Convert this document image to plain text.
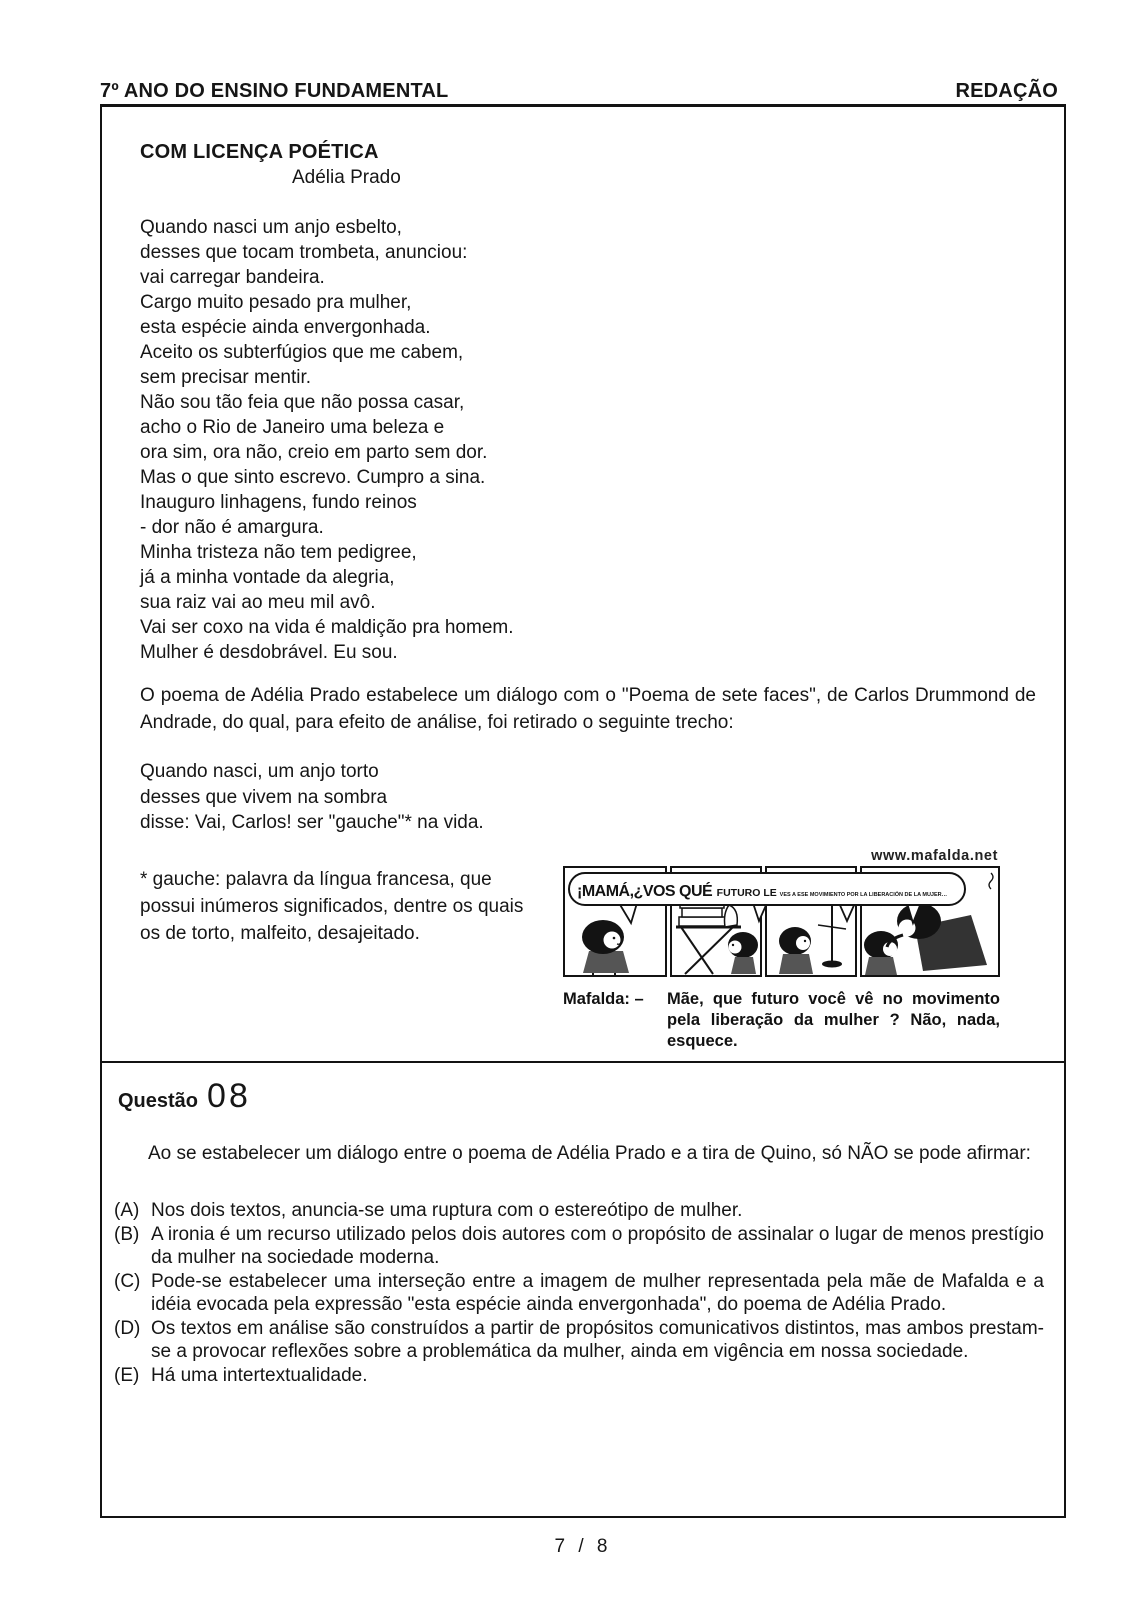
7º ANO DO ENSINO FUNDAMENTAL	REDAÇÃO
COM LICENÇA POÉTICA
Adélia Prado
Quando nasci um anjo esbelto,
desses que tocam trombeta, anunciou:
vai carregar bandeira.
Cargo muito pesado pra mulher,
esta espécie ainda envergonhada.
Aceito os subterfúgios que me cabem,
sem precisar mentir.
Não sou tão feia que não possa casar,
acho o Rio de Janeiro uma beleza e
ora sim, ora não, creio em parto sem dor.
Mas o que sinto escrevo. Cumpro a sina.
Inauguro linhagens, fundo reinos
- dor não é amargura.
Minha tristeza não tem pedigree,
já a minha vontade da alegria,
sua raiz vai ao meu mil avô.
Vai ser coxo na vida é maldição pra homem.
Mulher é desdobrável. Eu sou.
O poema de Adélia Prado estabelece um diálogo com o "Poema de sete faces", de Carlos Drummond de Andrade, do qual, para efeito de análise, foi retirado o seguinte trecho:
Quando nasci, um anjo torto
desses que vivem na sombra
disse: Vai, Carlos! ser "gauche"* na vida.
* gauche: palavra da língua francesa, que possui inúmeros significados, dentre os quais os de torto, malfeito, desajeitado.
www.mafalda.net
¡MAMÁ,¿VOS QUÉ FUTURO LE VES A ESE MOVIMIENTO POR LA LIBERACIÓN DE LA MUJER…
Mafalda: –	Mãe, que futuro você vê no movimento pela liberação da mulher ? Não, nada, esquece.
Questão 08
Ao se estabelecer um diálogo entre o poema de Adélia Prado e a tira de Quino, só NÃO se pode afirmar:
(A) Nos dois textos, anuncia-se uma ruptura com o estereótipo de mulher.
(B) A ironia é um recurso utilizado pelos dois autores com o propósito de assinalar o lugar de menos prestígio da mulher na sociedade moderna.
(C) Pode-se estabelecer uma interseção entre a imagem de mulher representada pela mãe de Mafalda e a idéia evocada pela expressão "esta espécie ainda envergonhada", do poema de Adélia Prado.
(D) Os textos em análise são construídos a partir de propósitos comunicativos distintos, mas ambos prestam-se a provocar reflexões sobre a problemática da mulher, ainda em vigência em nossa sociedade.
(E) Há uma intertextualidade.
7 / 8
